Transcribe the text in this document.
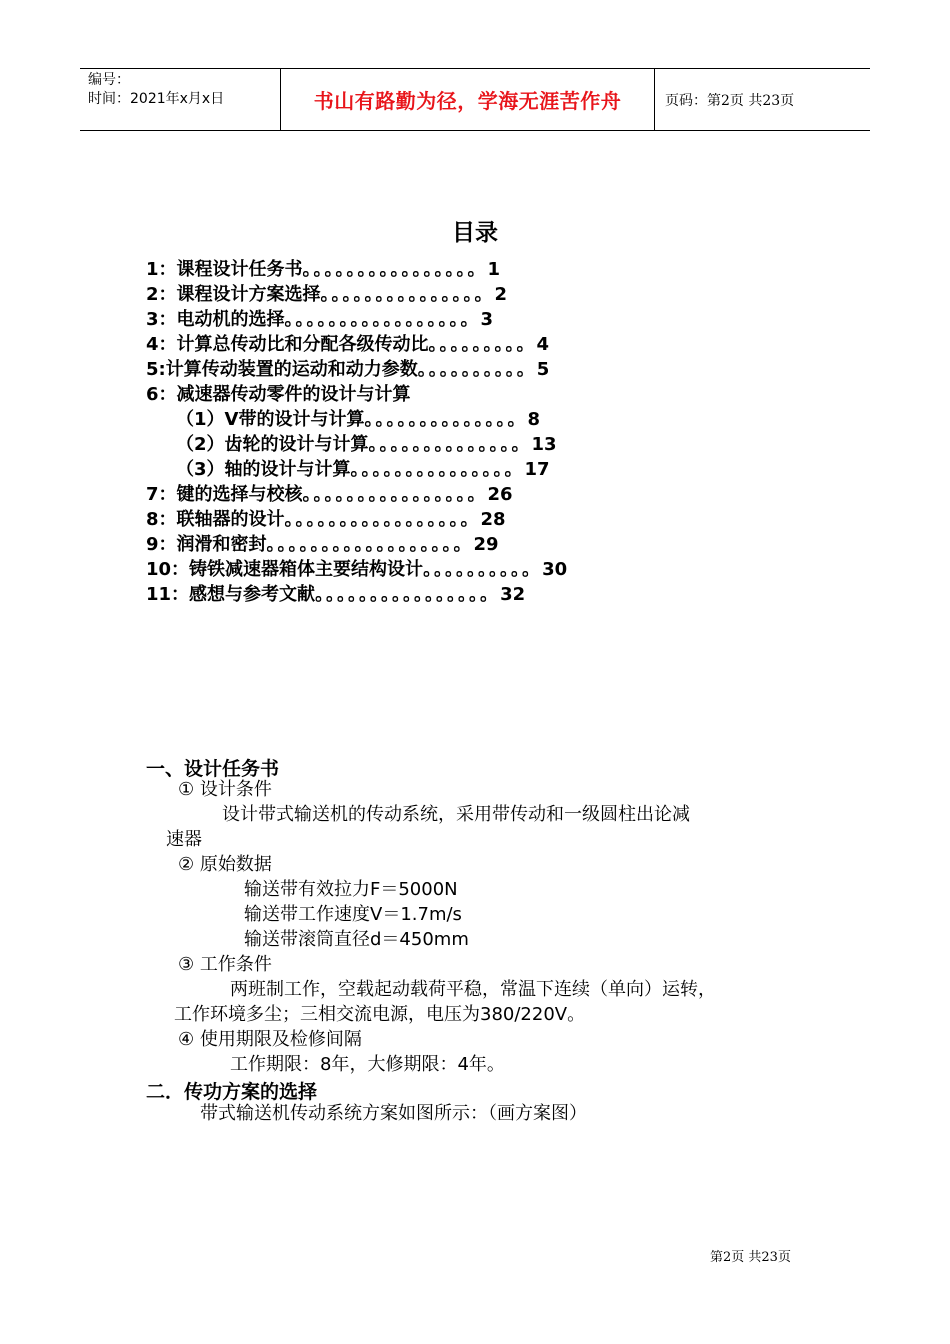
编号：
时间：2021年x月x日	书山有路勤为径，学海无涯苦作舟	页码：第2页 共23页
目录
1：课程设计任务书。。。。。。。。。。。。。。。。1
2：课程设计方案选择。。。。。。。。。。。。。。。2
3：电动机的选择。。。。。。。。。。。。。。。。。3
4：计算总传动比和分配各级传动比。。。。。。。。。4
5:计算传动装置的运动和动力参数。。。。。。。。。。5
6：减速器传动零件的设计与计算
（1）V带的设计与计算。。。。。。。。。。。。。。8
（2）齿轮的设计与计算。。。。。。。。。。。。。。13
（3）轴的设计与计算。。。。。。。。。。。。。。。17
7：键的选择与校核。。。。。。。。。。。。。。。。26
8：联轴器的设计。。。。。。。。。。。。。。。。。28
9：润滑和密封。。。。。。。。。。。。。。。。。。29
10：铸铁减速器箱体主要结构设计。。。。。。。。。。30
11：感想与参考文献。。。。。。。。。。。。。。。。32
一、设计任务书
① 设计条件
设计带式输送机的传动系统，采用带传动和一级圆柱出论减
速器
② 原始数据
输送带有效拉力F＝5000N
输送带工作速度V＝1.7m/s
输送带滚筒直径d＝450mm
③ 工作条件
两班制工作，空载起动载荷平稳，常温下连续（单向）运转，
工作环境多尘；三相交流电源，电压为380/220V。
④ 使用期限及检修间隔
工作期限：8年，大修期限：4年。
二．传功方案的选择
带式输送机传动系统方案如图所示：（画方案图）
第2页 共23页
